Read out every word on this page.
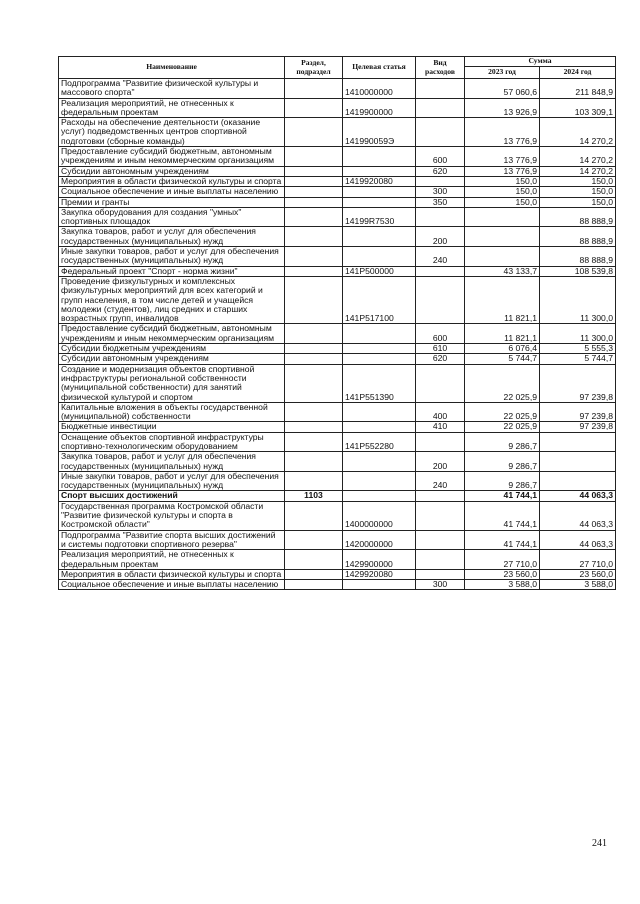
Наименование	Раздел, подраздел	Целевая статья	Вид расходов	Сумма	
				2023 год	2024 год
Подпрограмма "Развитие физической культуры и массового спорта"		1410000000		57 060,6	211 848,9
Реализация мероприятий, не отнесенных к федеральным проектам		1419900000		13 926,9	103 309,1
Расходы на обеспечение деятельности (оказание услуг) подведомственных центров спортивной подготовки (сборные команды)		141990059Э		13 776,9	14 270,2
Предоставление субсидий бюджетным, автономным учреждениям и иным некоммерческим организациям			600	13 776,9	14 270,2
Субсидии автономным учреждениям			620	13 776,9	14 270,2
Мероприятия в области физической культуры и спорта		1419920080		150,0	150,0
Социальное обеспечение и иные выплаты населению			300	150,0	150,0
Премии и гранты			350	150,0	150,0
Закупка оборудования для создания "умных" спортивных площадок		14199R7530			88 888,9
Закупка товаров, работ и услуг для обеспечения государственных (муниципальных) нужд			200		88 888,9
Иные закупки товаров, работ и услуг для обеспечения государственных (муниципальных) нужд			240		88 888,9
Федеральный проект "Спорт - норма жизни"		141P500000		43 133,7	108 539,8
Проведение физкультурных и комплексных физкультурных мероприятий для всех категорий и групп населения, в том числе детей и учащейся молодежи (студентов), лиц средних и старших возрастных групп, инвалидов		141P517100		11 821,1	11 300,0
Предоставление субсидий бюджетным, автономным учреждениям и иным некоммерческим организациям			600	11 821,1	11 300,0
Субсидии бюджетным учреждениям			610	6 076,4	5 555,3
Субсидии автономным учреждениям			620	5 744,7	5 744,7
Создание и модернизация объектов спортивной инфраструктуры региональной собственности (муниципальной собственности) для занятий физической культурой и спортом		141P551390		22 025,9	97 239,8
Капитальные вложения в объекты государственной (муниципальной) собственности			400	22 025,9	97 239,8
Бюджетные инвестиции			410	22 025,9	97 239,8
Оснащение объектов спортивной инфраструктуры спортивно-технологическим оборудованием		141P552280		9 286,7	
Закупка товаров, работ и услуг для обеспечения государственных (муниципальных) нужд			200	9 286,7	
Иные закупки товаров, работ и услуг для обеспечения государственных (муниципальных) нужд			240	9 286,7	
Спорт высших достижений	1103			41 744,1	44 063,3
Государственная программа Костромской области "Развитие физической культуры и спорта в Костромской области"		1400000000		41 744,1	44 063,3
Подпрограмма "Развитие спорта высших достижений и системы подготовки спортивного резерва"		1420000000		41 744,1	44 063,3
Реализация мероприятий, не отнесенных к федеральным проектам		1429900000		27 710,0	27 710,0
Мероприятия в области физической культуры и спорта		1429920080		23 560,0	23 560,0
Социальное обеспечение и иные выплаты населению			300	3 588,0	3 588,0
241
